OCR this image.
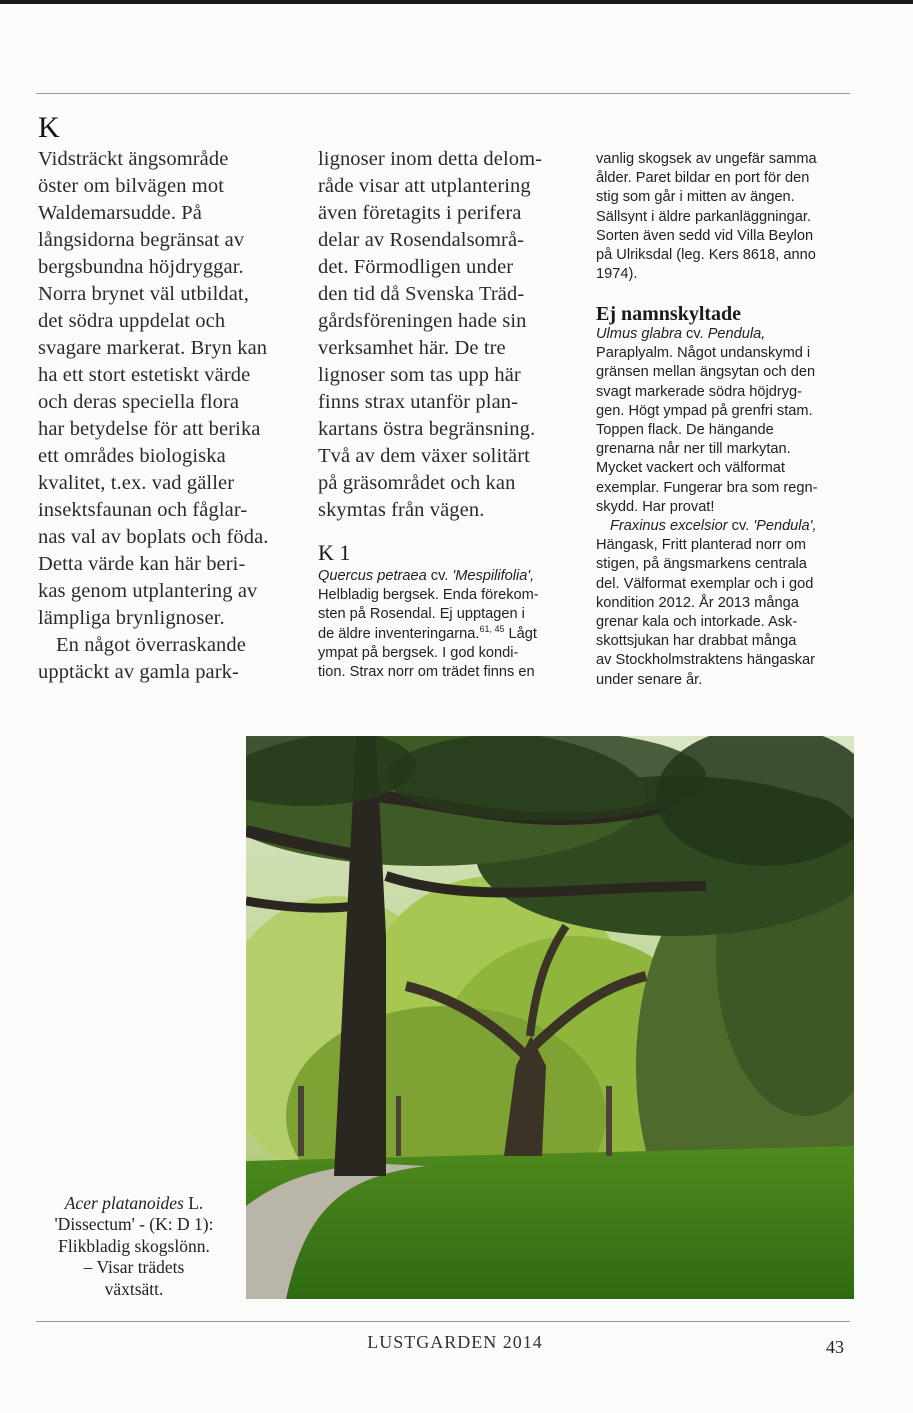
K

Vidsträckt ängsområde
öster om bilvägen mot
Waldemarsudde. På
långsidorna begränsat av
bergsbundna höjdryggar.
Norra brynet väl utbildat,
det södra uppdelat och
svagare markerat. Bryn kan
ha ett stort estetiskt värde
och deras speciella flora
har betydelse för att berika
ett områdes biologiska
kvalitet, t.ex. vad gäller
insektsfaunan och fåglar-
nas val av boplats och föda.
Detta värde kan här beri-
kas genom utplantering av
lämpliga brynlignoser.

En något överraskande
upptäckt av gamla park-

lignoser inom detta delom-
råde visar att utplantering
även företagits i perifera
delar av Rosendalsområ-
det. Förmodligen under
den tid då Svenska Träd-
gårdsföreningen hade sin
verksamhet här. De tre
lignoser som tas upp här
finns strax utanför plan-
kartans östra begränsning.
Två av dem växer solitärt
på gräsområdet och kan
skymtas från vägen.

K 1
Quercus petraea cv. 'Mespilifolia',
Helbladig bergsek. Enda förekom-
sten på Rosendal. Ej upptagen i
de äldre inventeringarna.$^{61, 45}$ Lågt
ympat på bergsek. I god kondi-
tion. Strax norr om trädet finns en
vanlig skogsek av ungefär samma
ålder. Paret bildar en port för den
stig som går i mitten av ängen.
Sällsynt i äldre parkanläggningar.
Sorten även sedd vid Villa Beylon
på Ulriksdal (leg. Kers 8618, anno
1974).
Ej namnskyltade

Ulmus glabra cv. Pendula,
Paraplyalm. Något undanskymd i
gränsen mellan ängsytan och den
svagt markerade södra höjdryg-
gen. Högt ympad på grenfri stam.
Toppen flack. De hängande
grenarna når ner till markytan.
Mycket vackert och välformat
exemplar. Fungerar bra som regn-
skydd. Har provat!

Fraxinus excelsior cv. 'Pendula',
Hängask, Fritt planterad norr om
stigen, på ängsmarkens centrala
del. Välformat exemplar och i god
kondition 2012. År 2013 många
grenar kala och intorkade. Ask-
skottsjukan har drabbat många
av Stockholmstraktens hängaskar
under senare år.

Acer platanoides L.
'Dissectum' - (K: D 1):
Flikbladig skogslönn.
– Visar trädets
växtsätt.
LUSTGARDEN 2014	43
